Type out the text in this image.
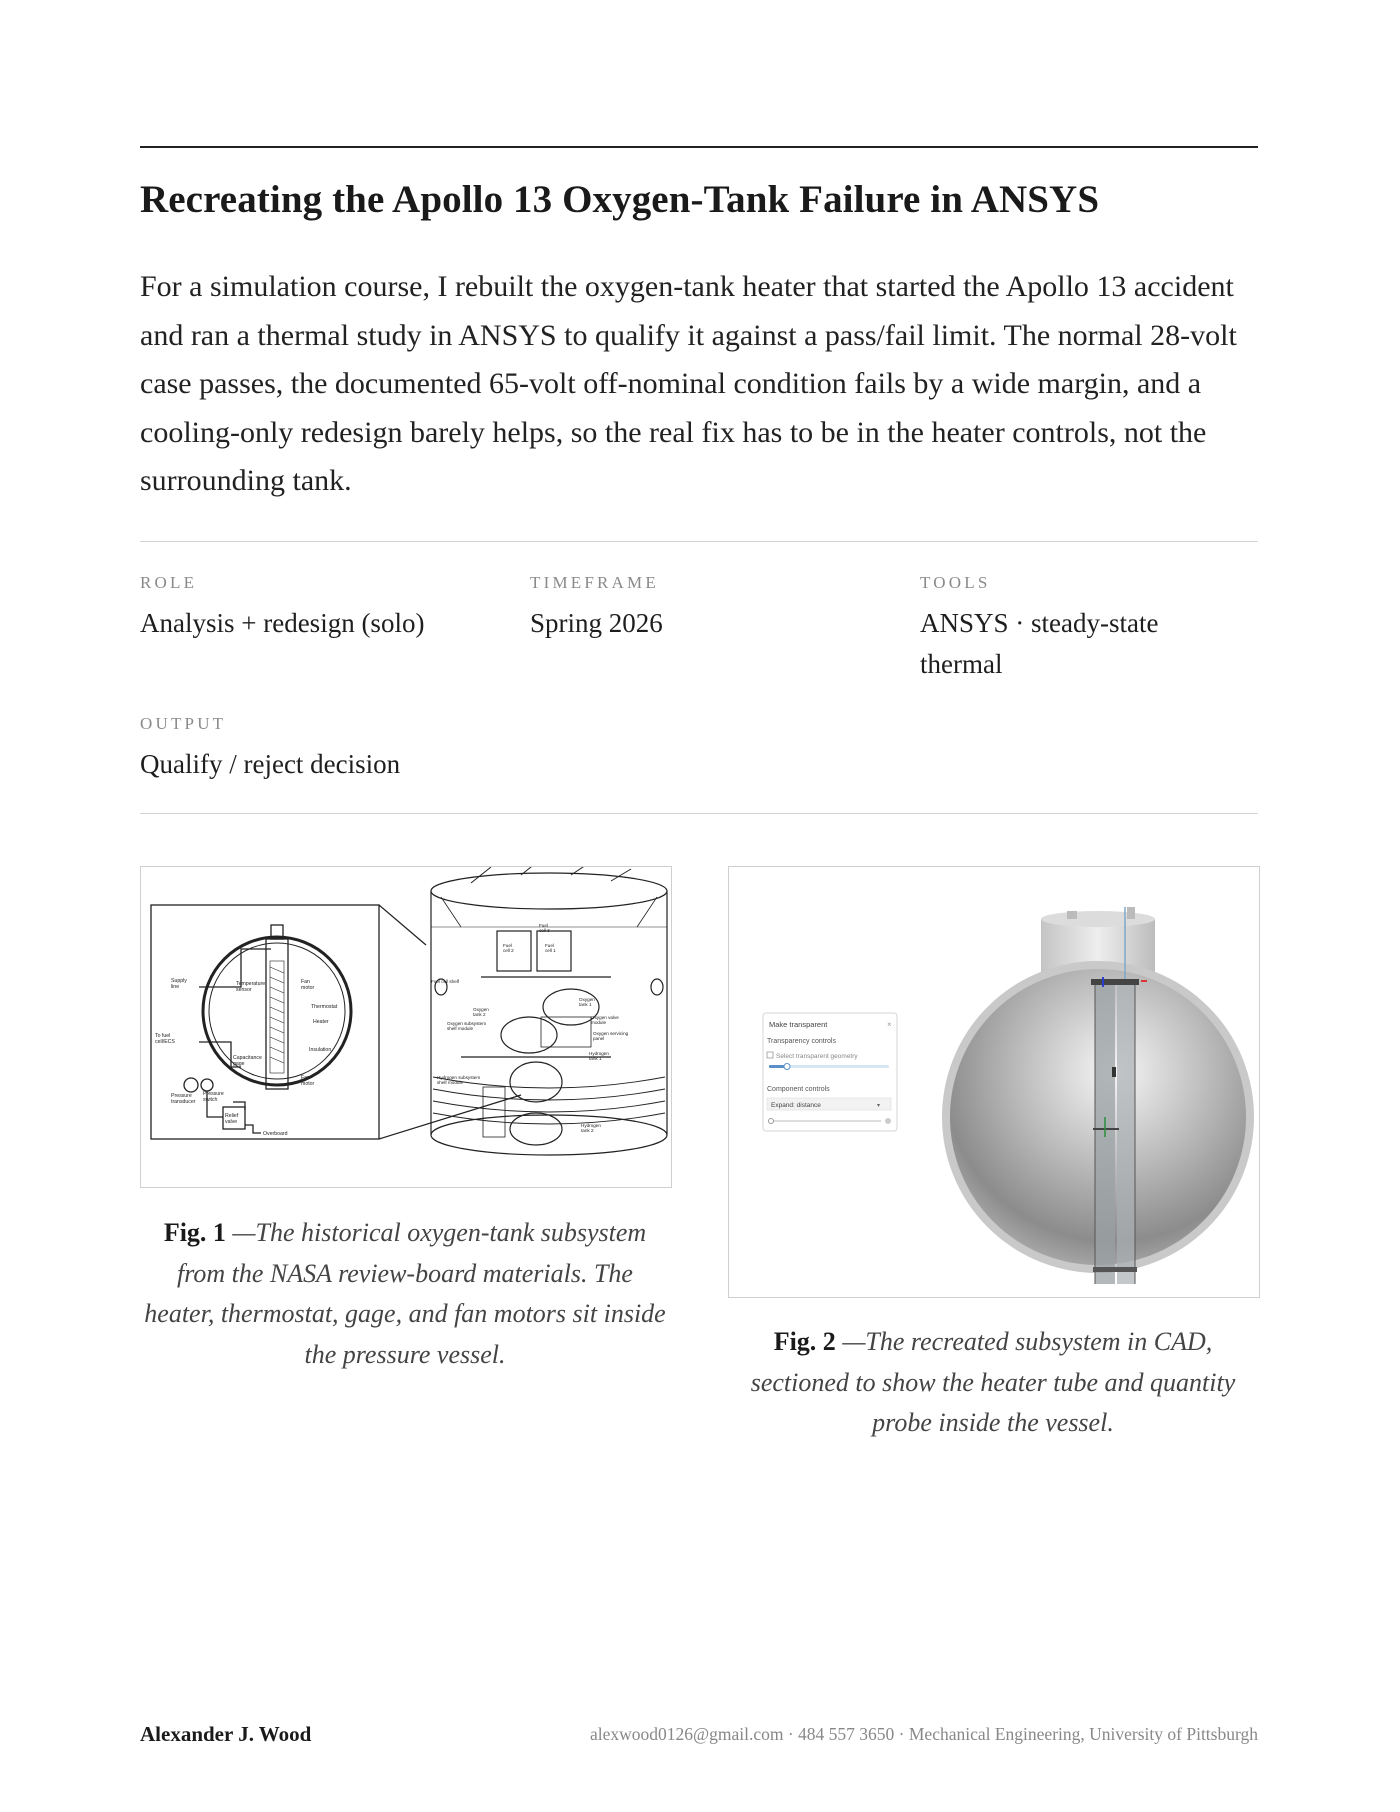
Recreating the Apollo 13 Oxygen-Tank Failure in ANSYS

For a simulation course, I rebuilt the oxygen-tank heater that started the Apollo 13 accident and ran a thermal study in ANSYS to qualify it against a pass/fail limit. The normal 28-volt case passes, the documented 65-volt off-nominal condition fails by a wide margin, and a cooling-only redesign barely helps, so the real fix has to be in the heater controls, not the surrounding tank.

ROLE
Analysis + redesign (solo)
TIMEFRAME
Spring 2026
TOOLS
ANSYS · steady-state thermal
OUTPUT
Qualify / reject decision
Supply
line	Temperature
sensor
Fan
motor
Thermostat
Heater
To fuel
cell/ECS
Insulation
Capacitance
gage
Fan
motor
Pressure
transducer
Pressure
switch
Relief
valve
Overboard
Fuel
cell 3
Fuel
cell 2
Fuel
cell 1
Fuel cell shelf
Oxygen
tank 2
Oxygen subsystem
shelf module
Oxygen
tank 1
Oxygen valve
module
Oxygen servicing
panel
Hydrogen
tank 1
Hydrogen subsystem
shelf module
Hydrogen
tank 2
Fig. 1 —The historical oxygen-tank subsystem from the NASA review-board materials. The heater, thermostat, gage, and fan motors sit inside the pressure vessel.
Make transparent	×
Transparency controls
Select transparent geometry
Component controls
Expand: distance	▾
Fig. 2 —The recreated subsystem in CAD, sectioned to show the heater tube and quantity probe inside the vessel.
Alexander J. Wood	alexwood0126@gmail.com · 484 557 3650 · Mechanical Engineering, University of Pittsburgh
